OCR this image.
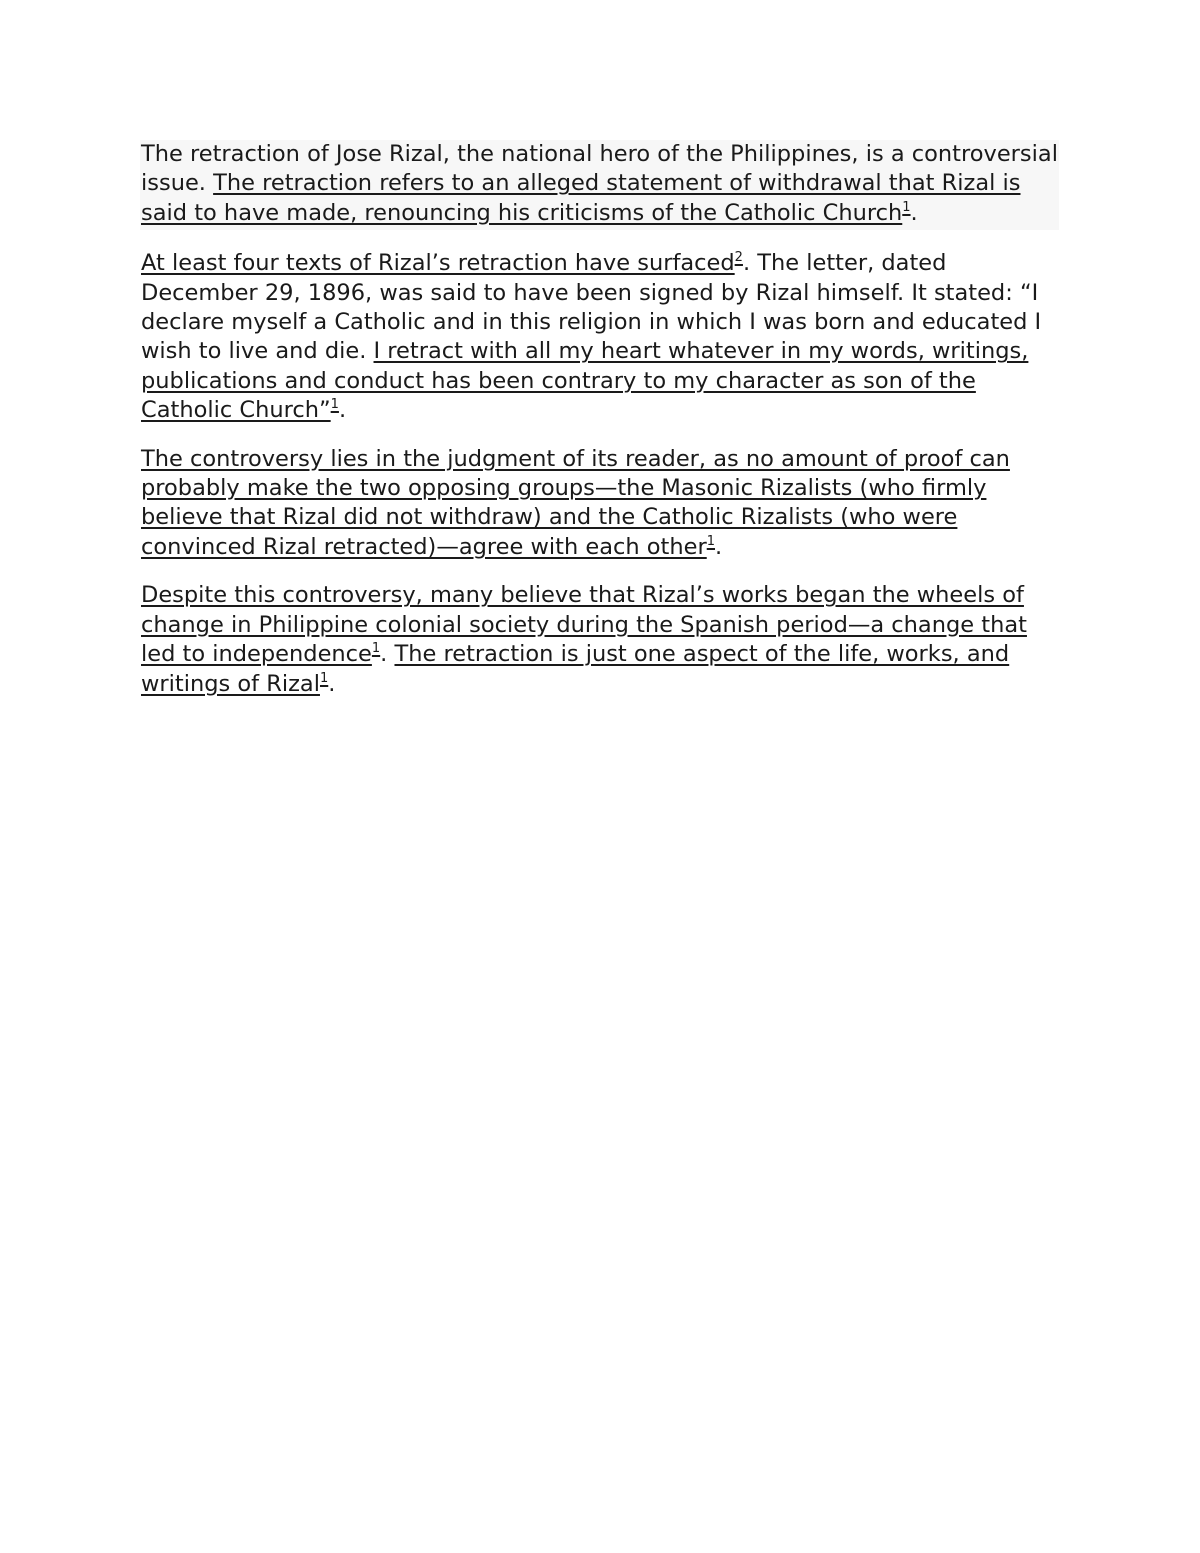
The retraction of Jose Rizal, the national hero of the Philippines, is a controversial issue. The retraction refers to an alleged statement of withdrawal that Rizal is said to have made, renouncing his criticisms of the Catholic Church$^1$.

At least four texts of Rizal’s retraction have surfaced$^2$. The letter, dated December 29, 1896, was said to have been signed by Rizal himself. It stated: “I declare myself a Catholic and in this religion in which I was born and educated I wish to live and die. I retract with all my heart whatever in my words, writings, publications and conduct has been contrary to my character as son of the Catholic Church”$^1$.

The controversy lies in the judgment of its reader, as no amount of proof can probably make the two opposing groups—the Masonic Rizalists (who firmly believe that Rizal did not withdraw) and the Catholic Rizalists (who were convinced Rizal retracted)—agree with each other$^1$.

Despite this controversy, many believe that Rizal’s works began the wheels of change in Philippine colonial society during the Spanish period—a change that led to independence$^1$. The retraction is just one aspect of the life, works, and writings of Rizal$^1$.
